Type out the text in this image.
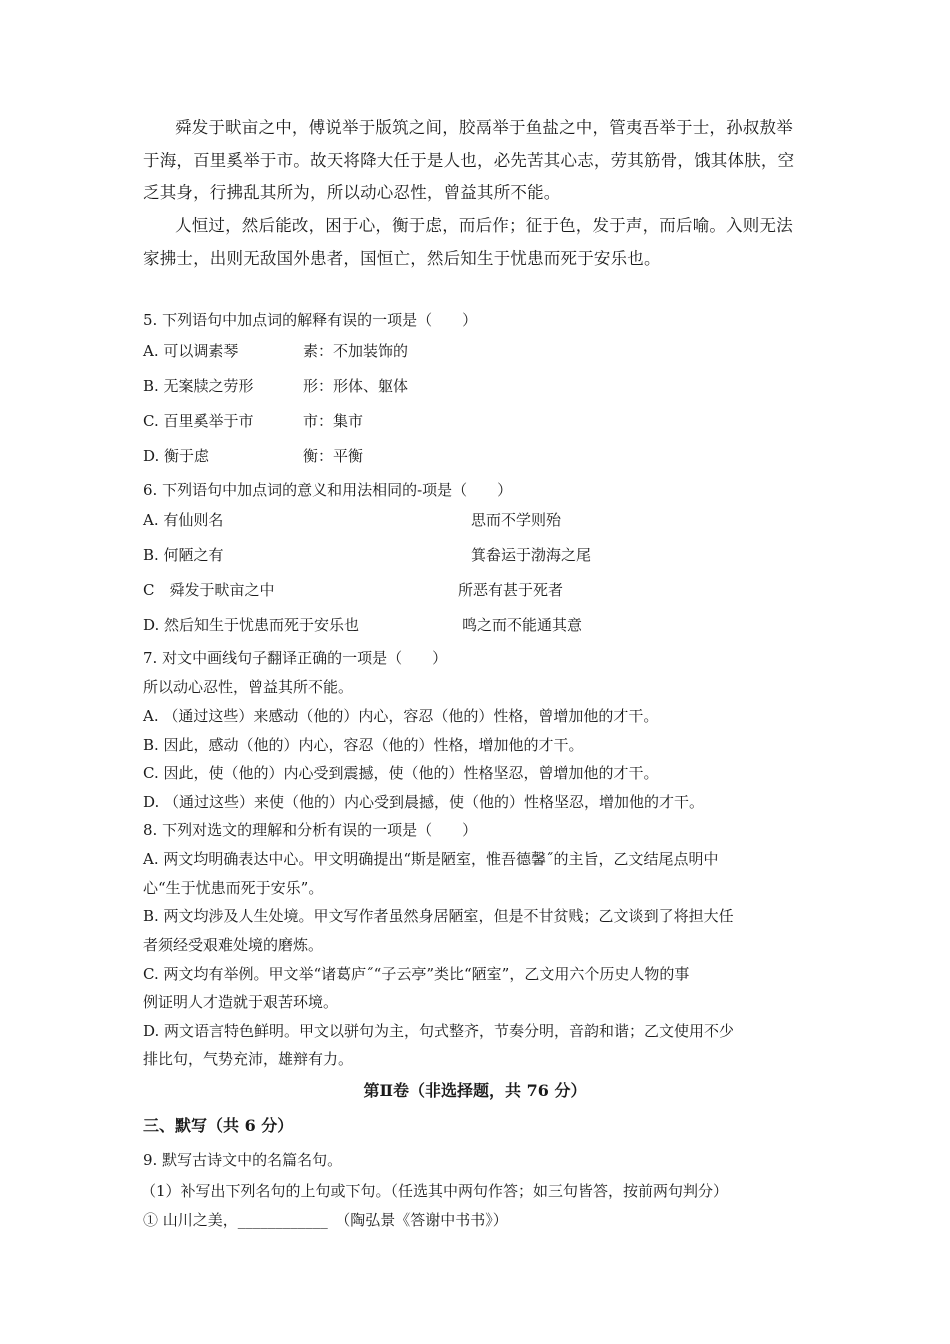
舜发于畎亩之中，傅说举于版筑之间，胶鬲举于鱼盐之中，管夷吾举于士，孙叔敖举
于海，百里奚举于市。故天将降大任于是人也，必先苦其心志，劳其筋骨，饿其体肤，空
乏其身，行拂乱其所为，所以动心忍性，曾益其所不能。
人恒过，然后能改，困于心，衡于虑，而后作；征于色，发于声，而后喻。入则无法
家拂士，出则无敌国外患者，国恒亡，然后知生于忧患而死于安乐也。
5. 下列语句中加点词的解释有误的一项是（　　）
A. 可以调素琴	素：不加装饰的
B. 无案牍之劳形	形：形体、躯体
C. 百里奚举于市	市：集市
D. 衡于虑	衡：平衡
6. 下列语句中加点词的意义和用法相同的-项是（　　）
A. 有仙则名	思而不学则殆
B. 何陋之有	箕畚运于渤海之尾
C　舜发于畎亩之中	所恶有甚于死者
D. 然后知生于忧患而死于安乐也	鸣之而不能通其意
7. 对文中画线句子翻译正确的一项是（　　）
所以动心忍性，曾益其所不能。
A. （通过这些）来感动（他的）内心，容忍（他的）性格，曾增加他的才干。
B. 因此，感动（他的）内心，容忍（他的）性格，增加他的才干。
C. 因此，使（他的）内心受到震撼，使（他的）性格坚忍，曾增加他的才干。
D. （通过这些）来使（他的）内心受到晨撼，使（他的）性格坚忍，增加他的才干。
8. 下列对选文的理解和分析有误的一项是（　　）
A. 两文均明确表达中心。甲文明确提出“斯是陋室，惟吾德馨˝的主旨，乙文结尾点明中
心“生于忧患而死于安乐”。
B. 两文均涉及人生处境。甲文写作者虽然身居陋室，但是不甘贫贱；乙文谈到了将担大任
者须经受艰难处境的磨炼。
C. 两文均有举例。甲文举“诸葛庐˝“子云亭”类比“陋室”，乙文用六个历史人物的事
例证明人才造就于艰苦环境。
D. 两文语言特色鲜明。甲文以骈句为主，句式整齐，节奏分明，音韵和谐；乙文使用不少
排比句，气势充沛，雄辩有力。
第Ⅱ卷（非选择题，共 76 分）
三、默写（共 6 分）
9. 默写古诗文中的名篇名句。
（1）补写出下列名句的上句或下句。（任选其中两句作答；如三句皆答，按前两句判分）
① 山川之美，____________　（陶弘景《答谢中书书》）
